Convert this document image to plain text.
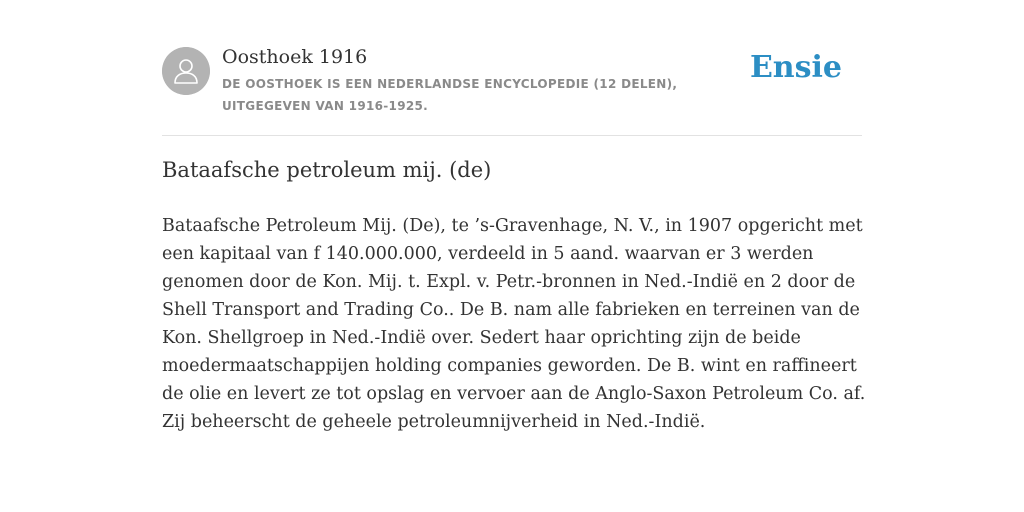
Oosthoek 1916
DE OOSTHOEK IS EEN NEDERLANDSE ENCYCLOPEDIE (12 DELEN), UITGEGEVEN VAN 1916-1925.
Ensie
Bataafsche petroleum mij. (de)

Bataafsche Petroleum Mij. (De), te ’s-Gravenhage, N. V., in 1907 opgericht met een kapitaal van f 140.000.000, verdeeld in 5 aand. waarvan er 3 werden genomen door de Kon. Mij. t. Expl. v. Petr.-bronnen in Ned.-Indië en 2 door de Shell Transport and Trading Co.. De B. nam alle fabrieken en terreinen van de Kon. Shellgroep in Ned.-Indië over. Sedert haar oprichting zijn de beide moedermaatschappijen holding companies geworden. De B. wint en raffineert de olie en levert ze tot opslag en vervoer aan de Anglo-Saxon Petroleum Co. af. Zij beheerscht de geheele petroleumnijverheid in Ned.-Indië.
